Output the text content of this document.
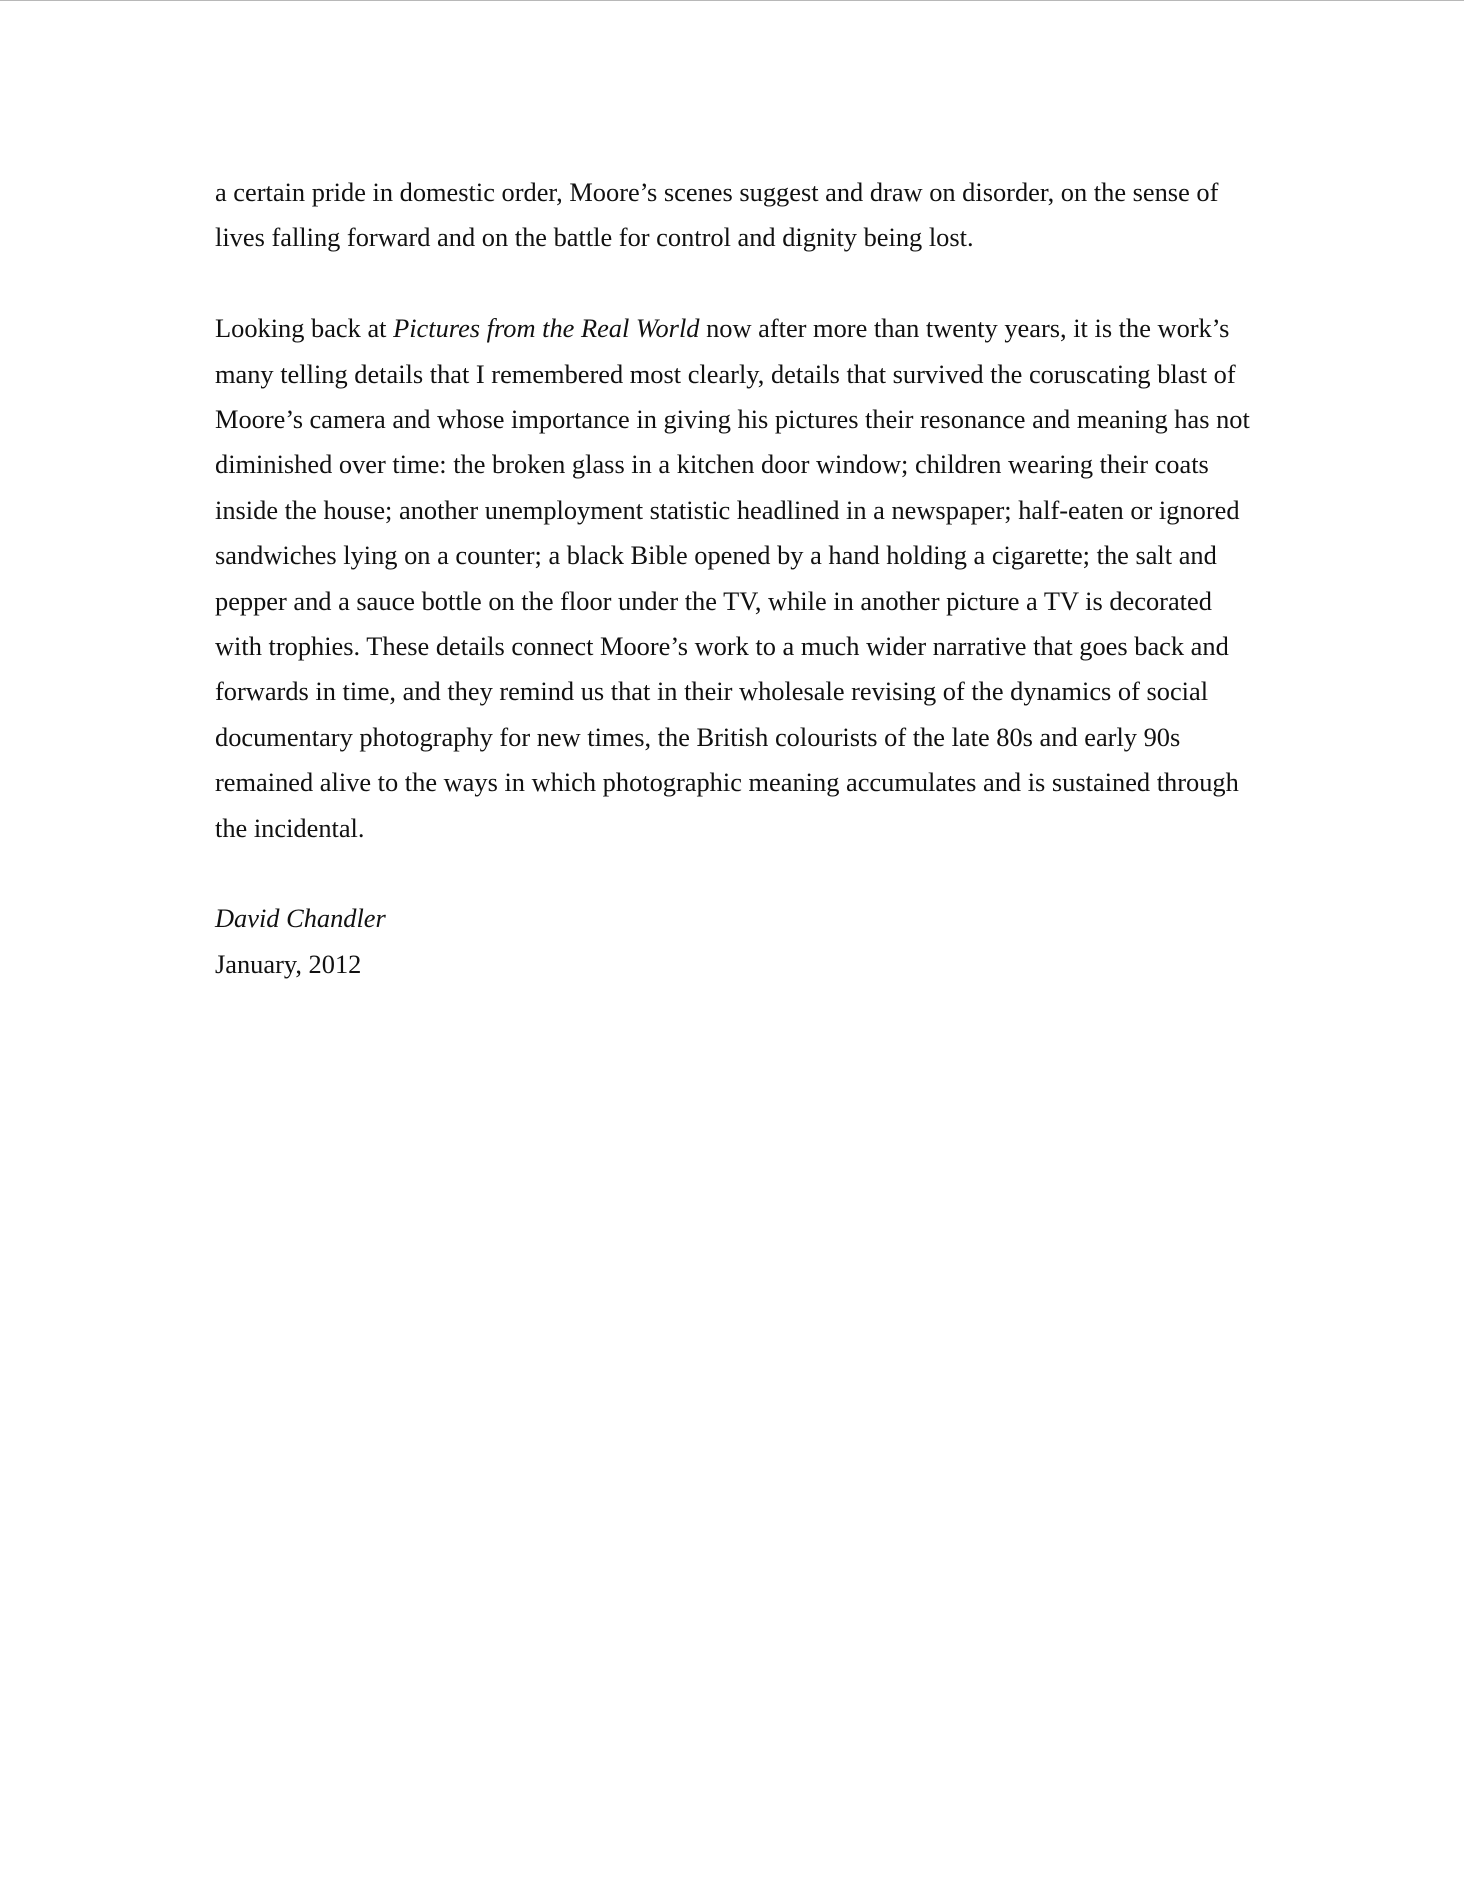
a certain pride in domestic order, Moore’s scenes suggest and draw on disorder, on the sense of
lives falling forward and on the battle for control and dignity being lost.

Looking back at Pictures from the Real World now after more than twenty years, it is the work’s
many telling details that I remembered most clearly, details that survived the coruscating blast of
Moore’s camera and whose importance in giving his pictures their resonance and meaning has not
diminished over time: the broken glass in a kitchen door window; children wearing their coats
inside the house; another unemployment statistic headlined in a newspaper; half-eaten or ignored
sandwiches lying on a counter; a black Bible opened by a hand holding a cigarette; the salt and
pepper and a sauce bottle on the floor under the TV, while in another picture a TV is decorated
with trophies. These details connect Moore’s work to a much wider narrative that goes back and
forwards in time, and they remind us that in their wholesale revising of the dynamics of social
documentary photography for new times, the British colourists of the late 80s and early 90s
remained alive to the ways in which photographic meaning accumulates and is sustained through
the incidental.

David Chandler
January, 2012
